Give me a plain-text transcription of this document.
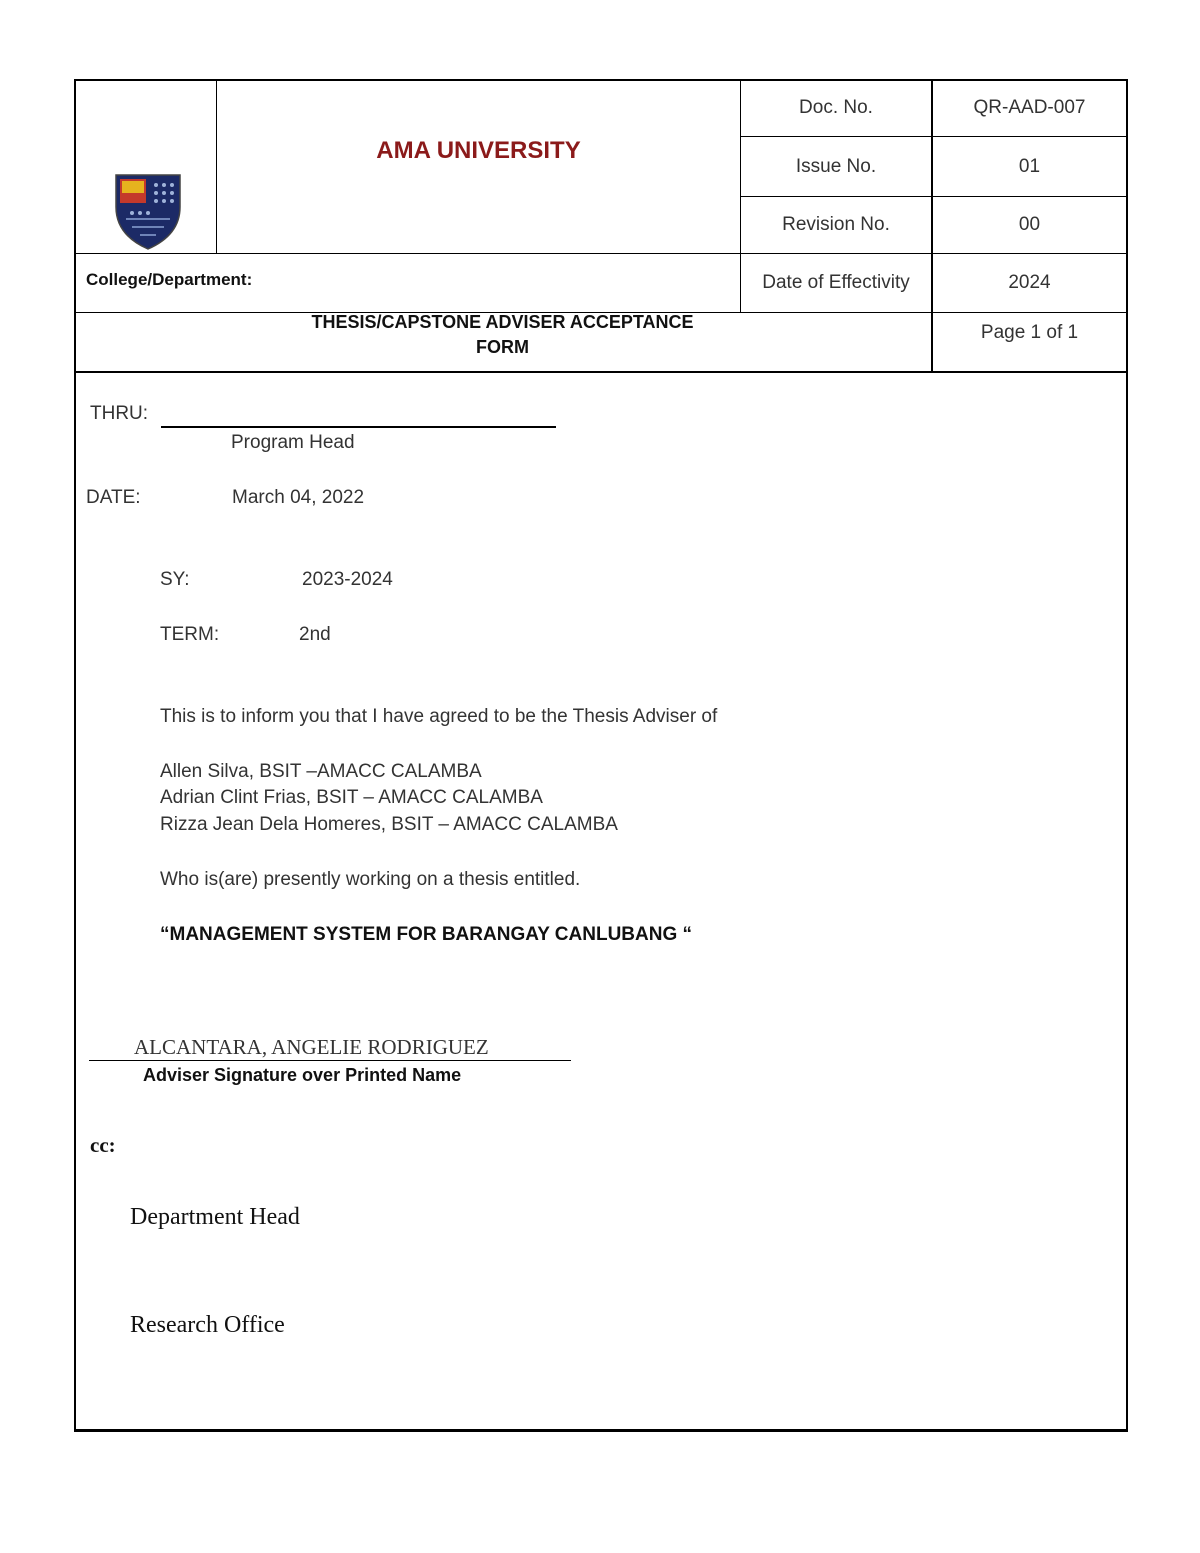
AMA UNIVERSITY
Doc. No.	QR-AAD-007
Issue No.	01
Revision No.	00
Date of Effectivity	2024
College/Department:
THESIS/CAPSTONE ADVISER ACCEPTANCE
FORM
Page 1 of 1
THRU:
Program Head
DATE:	March 04, 2022
SY:	2023-2024
TERM:	2nd
This is to inform you that I have agreed to be the Thesis Adviser of
Allen Silva, BSIT –AMACC CALAMBA
Adrian Clint Frias, BSIT – AMACC CALAMBA
Rizza Jean Dela Homeres, BSIT – AMACC CALAMBA
Who is(are) presently working on a thesis entitled.
“MANAGEMENT SYSTEM FOR BARANGAY CANLUBANG “
ALCANTARA, ANGELIE RODRIGUEZ
Adviser Signature over Printed Name
cc:
Department Head
Research Office
